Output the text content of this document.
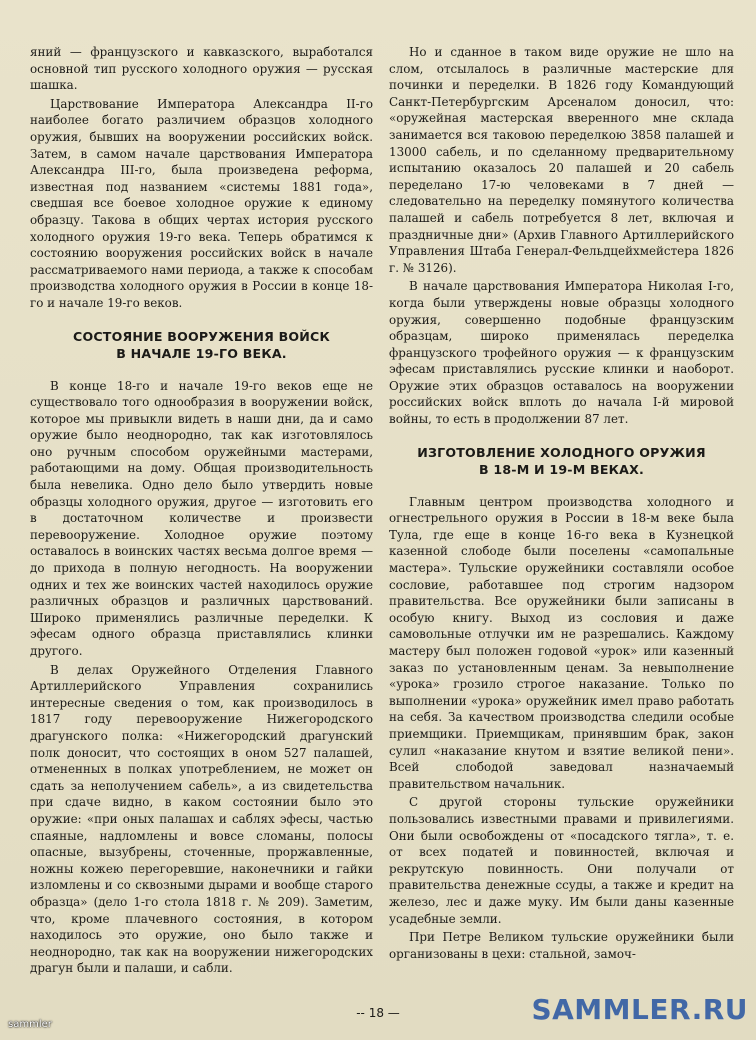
яний — французского и кавказского, выработался основной тип русского холодного оружия — русская шашка.

Царствование Императора Александра II-го наиболее богато различием образцов холодного оружия, бывших на вооружении российских войск. Затем, в самом начале царствования Императора Александра III-го, была произведена реформа, известная под названием «системы 1881 года», сведшая все боевое холодное оружие к единому образцу. Такова в общих чертах история русского холодного оружия 19-го века. Теперь обратимся к состоянию вооружения российских войск в начале рассматриваемого нами периода, а также к способам производства холодного оружия в России в конце 18-го и начале 19-го веков.

СОСТОЯНИЕ ВООРУЖЕНИЯ ВОЙСК
В НАЧАЛЕ 19-ГО ВЕКА.

В конце 18-го и начале 19-го веков еще не существовало того однообразия в вооружении войск, которое мы привыкли видеть в наши дни, да и само оружие было неоднородно, так как изготовлялось оно ручным способом оружейными мастерами, работающими на дому. Общая производительность была невелика. Одно дело было утвердить новые образцы холодного оружия, другое — изготовить его в достаточном количестве и произвести перевооружение. Холодное оружие поэтому оставалось в воинских частях весьма долгое время — до прихода в полную негодность. На вооружении одних и тех же воинских частей находилось оружие различных образцов и различных царствований. Широко применялись различные переделки. К эфесам одного образца приставлялись клинки другого.

В делах Оружейного Отделения Главного Артиллерийского Управления сохранились интересные сведения о том, как производилось в 1817 году перевооружение Нижегородского драгунского полка: «Нижегородский драгунский полк доносит, что состоящих в оном 527 палашей, отмененных в полках употреблением, не может он сдать за неполучением сабель», а из свидетельства при сдаче видно, в каком состоянии было это оружие: «при оных палашах и саблях эфесы, частью спаяные, надломлены и вовсе сломаны, полосы опасные, вызубрены, сточенные, проржавленные, ножны кожею перегоревшие, наконечники и гайки изломлены и со сквозными дырами и вообще старого образца» (дело 1-го стола 1818 г. № 209). Заметим, что, кроме плачевного состояния, в котором находилось это оружие, оно было также и неоднородно, так как на вооружении нижегородских драгун были и палаши, и сабли.

Но и сданное в таком виде оружие не шло на слом, отсылалось в различные мастерские для починки и переделки. В 1826 году Командующий Санкт-Петербургским Арсеналом доносил, что: «оружейная мастерская вверенного мне склада занимается вся таковою переделкою 3858 палашей и 13000 сабель, и по сделанному предварительному испытанию оказалось 20 палашей и 20 сабель переделано 17-ю человеками в 7 дней — следовательно на переделку помянутого количества палашей и сабель потребуется 8 лет, включая и праздничные дни» (Архив Главного Артиллерийского Управления Штаба Генерал-Фельдцейхмейстера 1826 г. № 3126).

В начале царствования Императора Николая I-го, когда были утверждены новые образцы холодного оружия, совершенно подобные французским образцам, широко применялась переделка французского трофейного оружия — к французским эфесам приставлялись русские клинки и наоборот. Оружие этих образцов оставалось на вооружении российских войск вплоть до начала I-й мировой войны, то есть в продолжении 87 лет.

ИЗГОТОВЛЕНИЕ ХОЛОДНОГО ОРУЖИЯ
В 18-М И 19-М ВЕКАХ.

Главным центром производства холодного и огнестрельного оружия в России в 18-м веке была Тула, где еще в конце 16-го века в Кузнецкой казенной слободе были поселены «самопальные мастера». Тульские оружейники составляли особое сословие, работавшее под строгим надзором правительства. Все оружейники были записаны в особую книгу. Выход из сословия и даже самовольные отлучки им не разрешались. Каждому мастеру был положен годовой «урок» или казенный заказ по установленным ценам. За невыполнение «урока» грозило строгое наказание. Только по выполнении «урока» оружейник имел право работать на себя. За качеством производства следили особые приемщики. Приемщикам, принявшим брак, закон сулил «наказание кнутом и взятие великой пени». Всей слободой заведовал назначаемый правительством начальник.

С другой стороны тульские оружейники пользовались известными правами и привилегиями. Они были освобождены от «посадского тягла», т. е. от всех податей и повинностей, включая и рекрутскую повинность. Они получали от правительства денежные ссуды, а также и кредит на железо, лес и даже муку. Им были даны казенные усадебные земли.

При Петре Великом тульские оружейники были организованы в цехи: стальной, замоч-

-- 18 —
sammler	SAMMLER.RU
